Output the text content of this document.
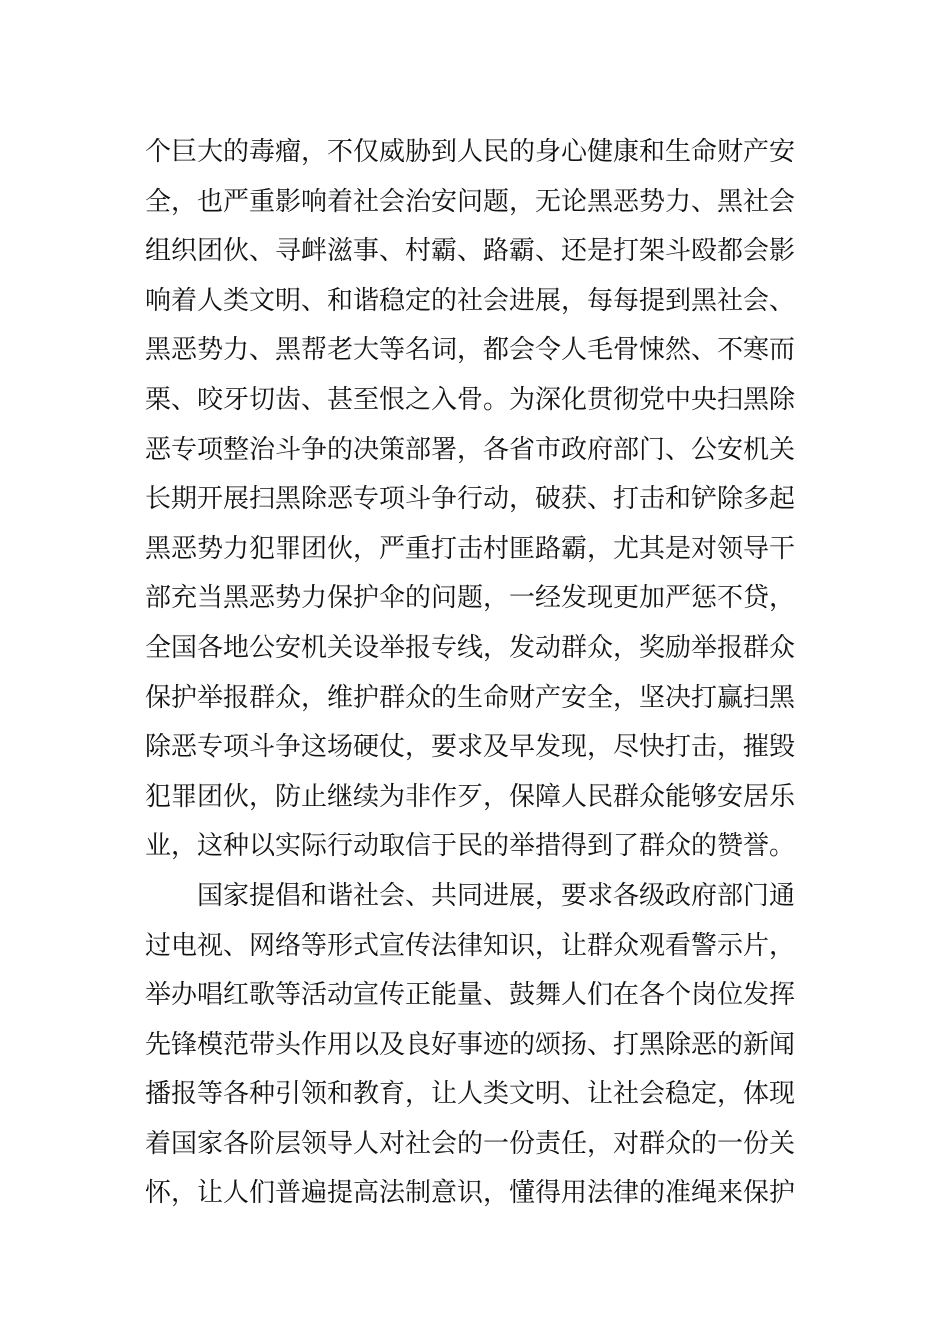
个巨大的毒瘤，不仅威胁到人民的身心健康和生命财产安
全，也严重影响着社会治安问题，无论黑恶势力、黑社会
组织团伙、寻衅滋事、村霸、路霸、还是打架斗殴都会影
响着人类文明、和谐稳定的社会进展，每每提到黑社会、
黑恶势力、黑帮老大等名词，都会令人毛骨悚然、不寒而
栗、咬牙切齿、甚至恨之入骨。为深化贯彻党中央扫黑除
恶专项整治斗争的决策部署，各省市政府部门、公安机关
长期开展扫黑除恶专项斗争行动，破获、打击和铲除多起
黑恶势力犯罪团伙，严重打击村匪路霸，尤其是对领导干
部充当黑恶势力保护伞的问题，一经发现更加严惩不贷，
全国各地公安机关设举报专线，发动群众，奖励举报群众
保护举报群众，维护群众的生命财产安全，坚决打赢扫黑
除恶专项斗争这场硬仗，要求及早发现，尽快打击，摧毁
犯罪团伙，防止继续为非作歹，保障人民群众能够安居乐
业，这种以实际行动取信于民的举措得到了群众的赞誉。
国家提倡和谐社会、共同进展，要求各级政府部门通
过电视、网络等形式宣传法律知识，让群众观看警示片，
举办唱红歌等活动宣传正能量、鼓舞人们在各个岗位发挥
先锋模范带头作用以及良好事迹的颂扬、打黑除恶的新闻
播报等各种引领和教育，让人类文明、让社会稳定，体现
着国家各阶层领导人对社会的一份责任，对群众的一份关
怀，让人们普遍提高法制意识，懂得用法律的准绳来保护
